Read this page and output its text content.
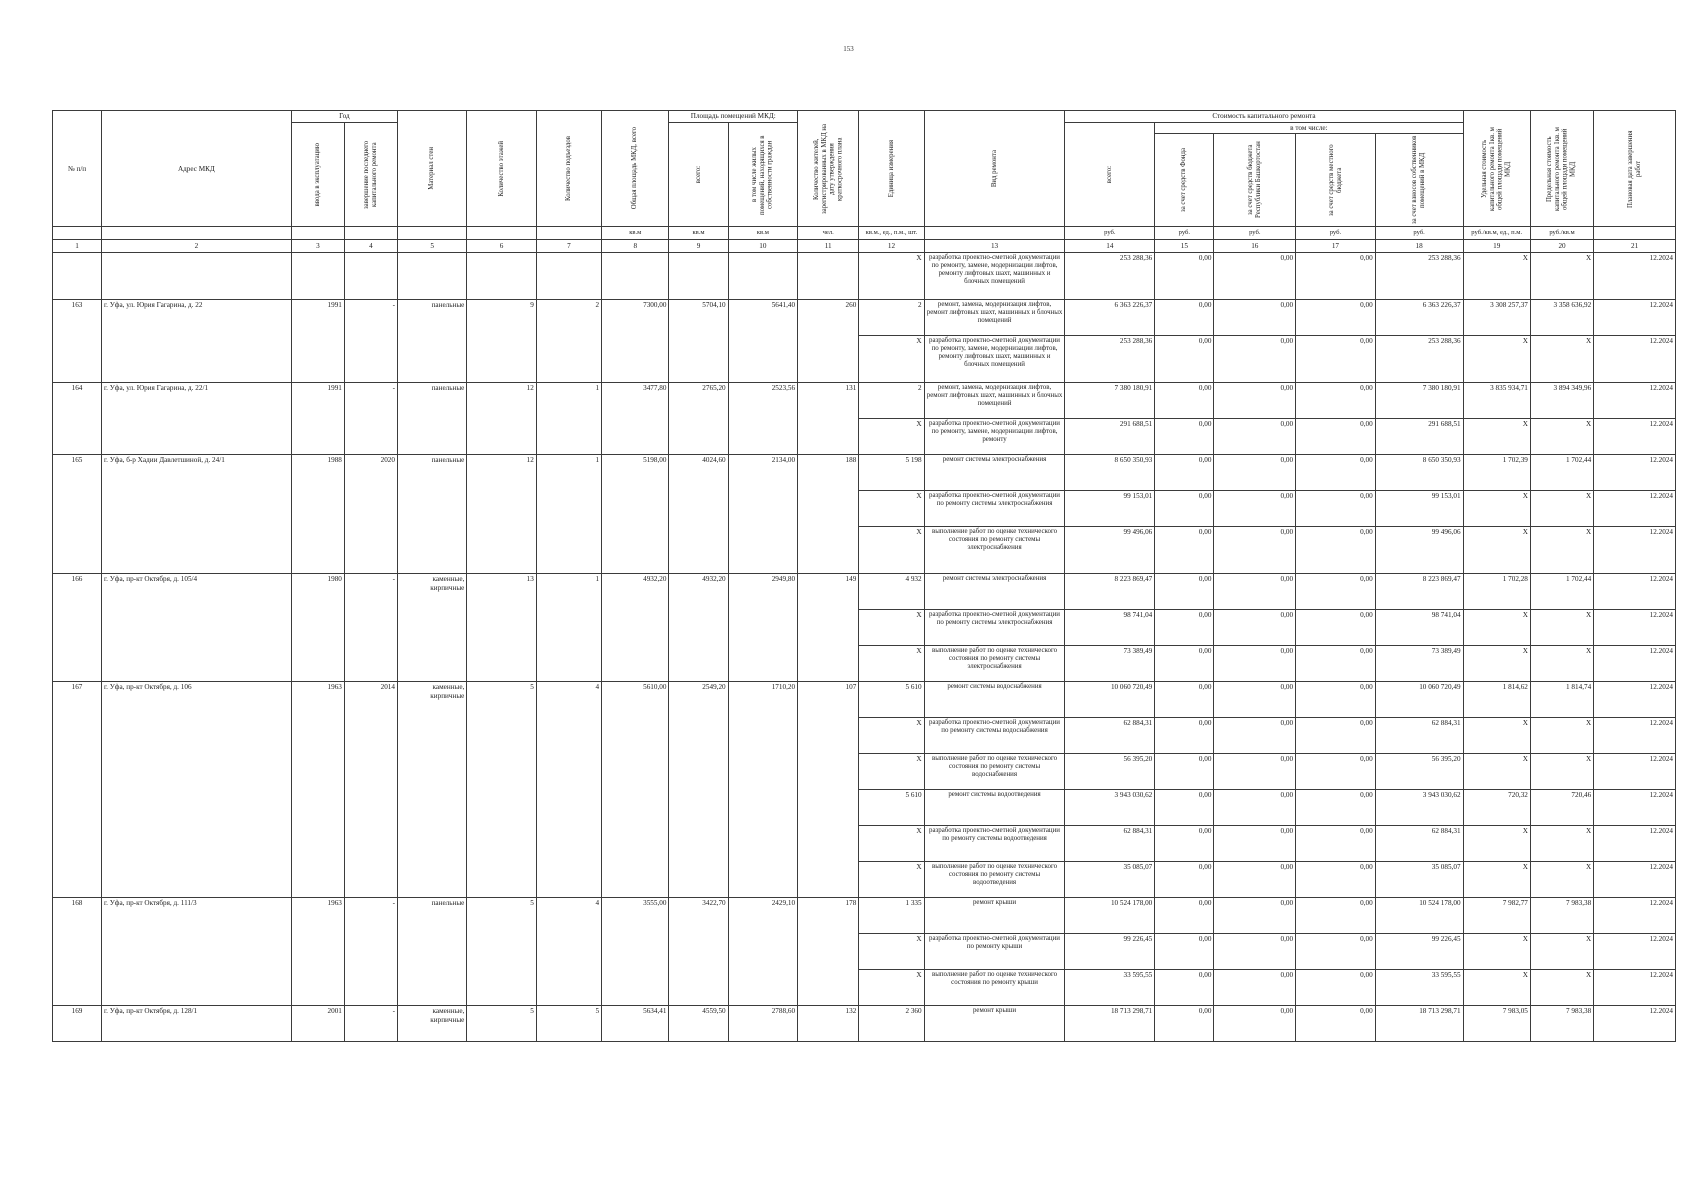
153
№ п/п	Адрес МКД	Год		Материал стен	Количество этажей	Количество подъездов	Общая площадь МКД, всего	Площадь помещений МКД:		Количество жителей, зарегистрированных в МКД на дату утверждения краткосрочного плана	Единица измерения	Вид ремонта	Стоимость капитального ремонта					Удельная стоимость капитального ремонта 1кв. м общей площади помещений МКД	Предельная стоимость капитального ремонта 1кв. м общей площади помещений МКД	Плановая дата завершения работ

		ввода в эксплуатацию	завершение последнего капитального ремонта					всего:	в том числе жилых помещений, находящихся в собственности граждан				всего:	в том числе:						

														за счет средств Фонда	за счет средств бюджета Республики Башкортостан	за счет средств местного бюджета	за счет взносов собственников помещений в МКД			

							кв.м	кв.м	кв.м	чел.	кв.м., ед., п.м., шт.		руб.	руб.	руб.	руб.	руб.	руб./кв.м, ед., п.м.	руб./кв.м	
1	2	3	4	5	6	7	8	9	10	11	12	13	14	15	16	17	18	19	20	21
											Х	разработка проектно-сметной документации по ремонту, замене, модернизации лифтов, ремонту лифтовых шахт, машинных и блочных помещений	253 288,36	0,00	0,00	0,00	253 288,36	Х	Х	12.2024
163	г. Уфа, ул. Юрия Гагарина, д. 22	1991	-	панельные	9	2	7300,00	5704,10	5641,40	260	2	ремонт, замена, модернизация лифтов, ремонт лифтовых шахт, машинных и блочных помещений	6 363 226,37	0,00	0,00	0,00	6 363 226,37	3 308 257,37	3 358 636,92	12.2024
											Х	разработка проектно-сметной документации по ремонту, замене, модернизации лифтов, ремонту лифтовых шахт, машинных и блочных помещений	253 288,36	0,00	0,00	0,00	253 288,36	Х	Х	12.2024
164	г. Уфа, ул. Юрия Гагарина, д. 22/1	1991	-	панельные	12	1	3477,80	2765,20	2523,56	131	2	ремонт, замена, модернизация лифтов, ремонт лифтовых шахт, машинных и блочных помещений	7 380 180,91	0,00	0,00	0,00	7 380 180,91	3 835 934,71	3 894 349,96	12.2024
											Х	разработка проектно-сметной документации по ремонту, замене, модернизации лифтов, ремонту	291 688,51	0,00	0,00	0,00	291 688,51	Х	Х	12.2024
165	г. Уфа, б-р Хадии Давлетшиной, д. 24/1	1988	2020	панельные	12	1	5198,00	4024,60	2134,00	188	5 198	ремонт системы электроснабжения	8 650 350,93	0,00	0,00	0,00	8 650 350,93	1 702,39	1 702,44	12.2024
											Х	разработка проектно-сметной документации по ремонту системы электроснабжения	99 153,01	0,00	0,00	0,00	99 153,01	Х	Х	12.2024
											Х	выполнение работ по оценке технического состояния по ремонту системы электроснабжения	99 496,06	0,00	0,00	0,00	99 496,06	Х	Х	12.2024
166	г. Уфа, пр-кт Октября, д. 105/4	1980	-	каменные, кирпичные	13	1	4932,20	4932,20	2949,80	149	4 932	ремонт системы электроснабжения	8 223 869,47	0,00	0,00	0,00	8 223 869,47	1 702,28	1 702,44	12.2024
											Х	разработка проектно-сметной документации по ремонту системы электроснабжения	98 741,04	0,00	0,00	0,00	98 741,04	Х	Х	12.2024
											Х	выполнение работ по оценке технического состояния по ремонту системы электроснабжения	73 389,49	0,00	0,00	0,00	73 389,49	Х	Х	12.2024
167	г. Уфа, пр-кт Октября, д. 106	1963	2014	каменные, кирпичные	5	4	5610,00	2549,20	1710,20	107	5 610	ремонт системы водоснабжения	10 060 720,49	0,00	0,00	0,00	10 060 720,49	1 814,62	1 814,74	12.2024
											Х	разработка проектно-сметной документации по ремонту системы водоснабжения	62 884,31	0,00	0,00	0,00	62 884,31	Х	Х	12.2024
											Х	выполнение работ по оценке технического состояния по ремонту системы водоснабжения	56 395,20	0,00	0,00	0,00	56 395,20	Х	Х	12.2024
											5 610	ремонт системы водоотведения	3 943 030,62	0,00	0,00	0,00	3 943 030,62	720,32	720,46	12.2024
											Х	разработка проектно-сметной документации по ремонту системы водоотведения	62 884,31	0,00	0,00	0,00	62 884,31	Х	Х	12.2024
											Х	выполнение работ по оценке технического состояния по ремонту системы водоотведения	35 085,07	0,00	0,00	0,00	35 085,07	Х	Х	12.2024
168	г. Уфа, пр-кт Октября, д. 111/3	1963	-	панельные	5	4	3555,00	3422,70	2429,10	178	1 335	ремонт крыши	10 524 178,00	0,00	0,00	0,00	10 524 178,00	7 982,77	7 983,38	12.2024
											Х	разработка проектно-сметной документации по ремонту крыши	99 226,45	0,00	0,00	0,00	99 226,45	Х	Х	12.2024
											Х	выполнение работ по оценке технического состояния по ремонту крыши	33 595,55	0,00	0,00	0,00	33 595,55	Х	Х	12.2024
169	г. Уфа, пр-кт Октября, д. 128/1	2001	-	каменные, кирпичные	5	5	5634,41	4559,50	2788,60	132	2 360	ремонт крыши	18 713 298,71	0,00	0,00	0,00	18 713 298,71	7 983,05	7 983,38	12.2024
